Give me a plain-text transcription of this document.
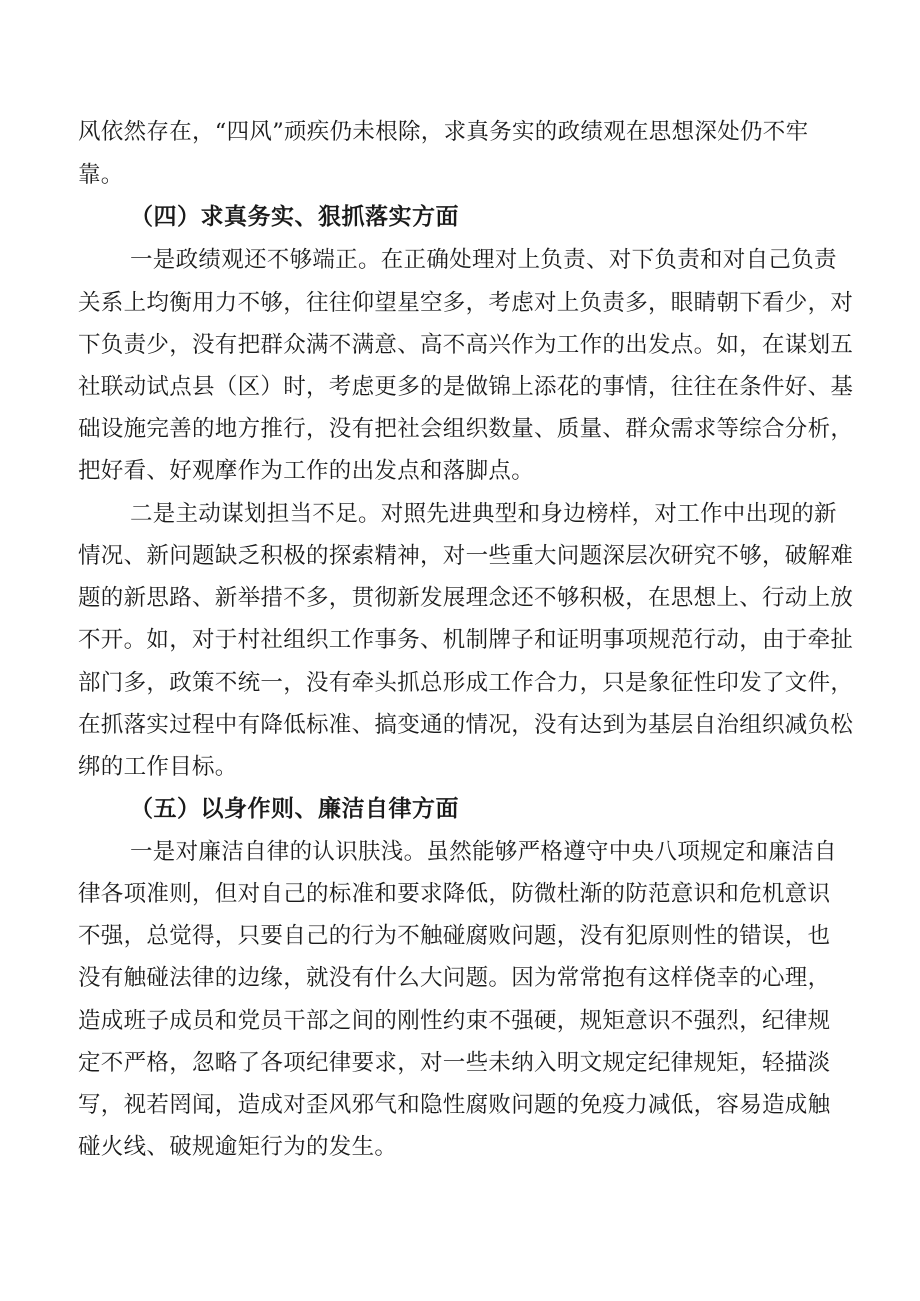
风依然存在，“四风”顽疾仍未根除，求真务实的政绩观在思想深处仍不牢
靠。
（四）求真务实、狠抓落实方面
一是政绩观还不够端正。在正确处理对上负责、对下负责和对自己负责
关系上均衡用力不够，往往仰望星空多，考虑对上负责多，眼睛朝下看少，对
下负责少，没有把群众满不满意、高不高兴作为工作的出发点。如，在谋划五
社联动试点县（区）时，考虑更多的是做锦上添花的事情，往往在条件好、基
础设施完善的地方推行，没有把社会组织数量、质量、群众需求等综合分析，
把好看、好观摩作为工作的出发点和落脚点。
二是主动谋划担当不足。对照先进典型和身边榜样，对工作中出现的新
情况、新问题缺乏积极的探索精神，对一些重大问题深层次研究不够，破解难
题的新思路、新举措不多，贯彻新发展理念还不够积极，在思想上、行动上放
不开。如，对于村社组织工作事务、机制牌子和证明事项规范行动，由于牵扯
部门多，政策不统一，没有牵头抓总形成工作合力，只是象征性印发了文件，
在抓落实过程中有降低标准、搞变通的情况，没有达到为基层自治组织减负松
绑的工作目标。
（五）以身作则、廉洁自律方面
一是对廉洁自律的认识肤浅。虽然能够严格遵守中央八项规定和廉洁自
律各项准则，但对自己的标准和要求降低，防微杜渐的防范意识和危机意识
不强，总觉得，只要自己的行为不触碰腐败问题，没有犯原则性的错误，也
没有触碰法律的边缘，就没有什么大问题。因为常常抱有这样侥幸的心理，
造成班子成员和党员干部之间的刚性约束不强硬，规矩意识不强烈，纪律规
定不严格，忽略了各项纪律要求，对一些未纳入明文规定纪律规矩，轻描淡
写，视若罔闻，造成对歪风邪气和隐性腐败问题的免疫力减低，容易造成触
碰火线、破规逾矩行为的发生。
